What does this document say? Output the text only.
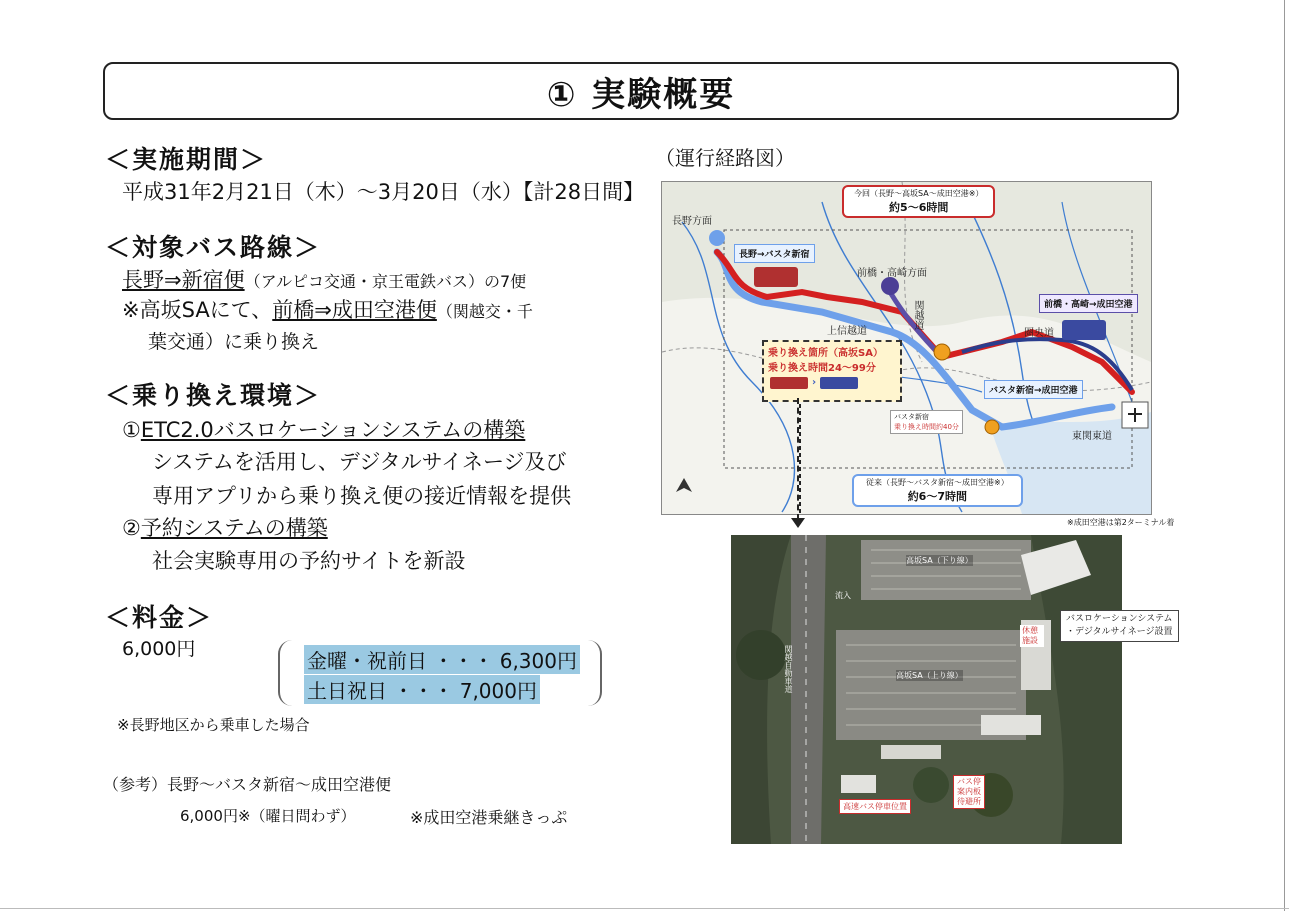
① 実験概要
＜実施期間＞
平成31年2月21日（木）～3月20日（水）【計28日間】
＜対象バス路線＞
長野⇒新宿便（アルピコ交通・京王電鉄バス）の7便
※高坂SAにて、前橋⇒成田空港便（関越交・千
葉交通）に乗り換え
＜乗り換え環境＞
①ETC2.0バスロケーションシステムの構築
システムを活用し、デジタルサイネージ及び
専用アプリから乗り換え便の接近情報を提供
②予約システムの構築
社会実験専用の予約サイトを新設
＜料金＞
6,000円	金曜・祝前日 ・・・ 6,300円
土日祝日 ・・・ 7,000円
※長野地区から乗車した場合
（参考）長野～バスタ新宿～成田空港便
6,000円※（曜日問わず）	※成田空港乗継きっぷ
（運行経路図）
今回（長野～高坂SA～成田空港※）
約5～6時間
従来（長野～バスタ新宿～成田空港※）
約6～7時間
長野方面
前橋・高崎方面
長野→バスタ新宿
前橋・高崎→成田空港
バスタ新宿→成田空港
乗り換え箇所（高坂SA）
乗り換え時間24～99分
›
バスタ新宿
乗り換え時間約40分
上信越道
関越道
圏央道
東関東道
※成田空港は第2ターミナル着
高坂SA（下り線）
高坂SA（上り線）
流入
関越自動車道
休憩施設
高速バス停車位置
バス停
案内板
待避所
バスロケーションシステム
・デジタルサイネージ設置
